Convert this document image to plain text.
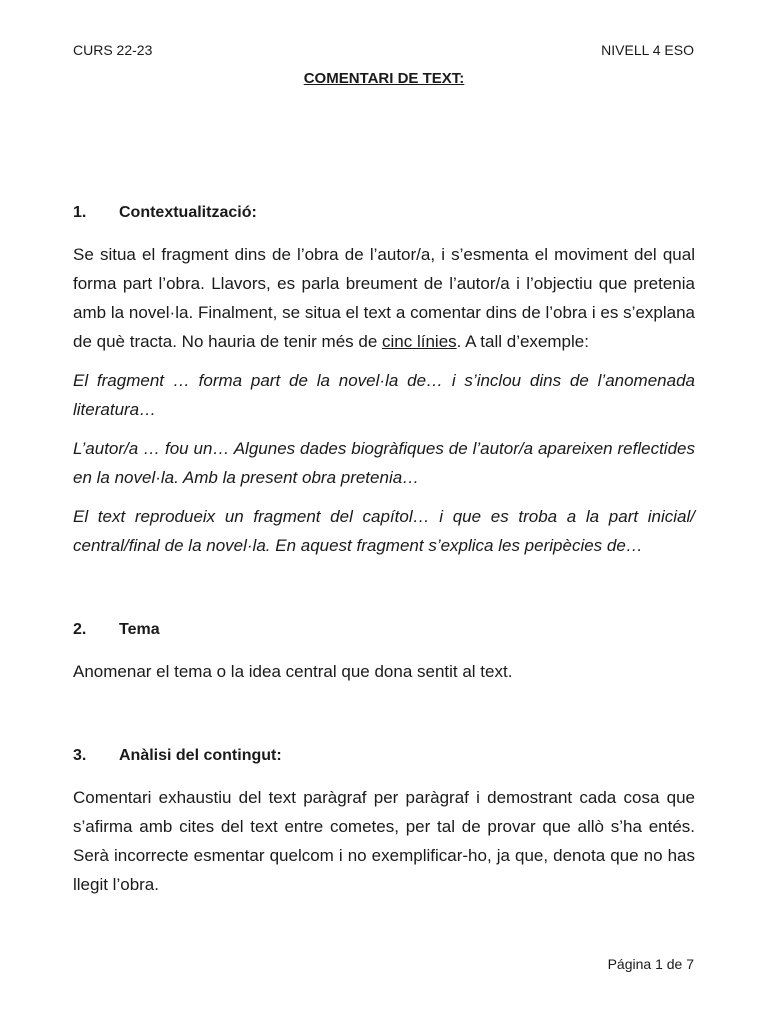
CURS 22-23	NIVELL 4 ESO
COMENTARI DE TEXT:
1.	Contextualització:

Se situa el fragment dins de l’obra de l’autor/a, i s’esmenta el moviment del qual forma part l’obra. Llavors, es parla breument de l’autor/a i l’objectiu que pretenia amb la novel·la. Finalment, se situa el text a comentar dins de l’obra i es s’explana de què tracta. No hauria de tenir més de cinc línies. A tall d’exemple:

El fragment … forma part de la novel·la de… i s’inclou dins de l’anomenada literatura…

L’autor/a … fou un… Algunes dades biogràfiques de l’autor/a apareixen reflectides en la novel·la. Amb la present obra pretenia…

El text reprodueix un fragment del capítol… i que es troba a la part inicial/ central/final de la novel·la. En aquest fragment s’explica les peripècies de…

2.	Tema

Anomenar el tema o la idea central que dona sentit al text.

3.	Anàlisi del contingut:

Comentari exhaustiu del text paràgraf per paràgraf i demostrant cada cosa que s’afirma amb cites del text entre cometes, per tal de provar que allò s’ha entés. Serà incorrecte esmentar quelcom i no exemplificar-ho, ja que, denota que no has llegit l’obra.

Página 1 de 7
